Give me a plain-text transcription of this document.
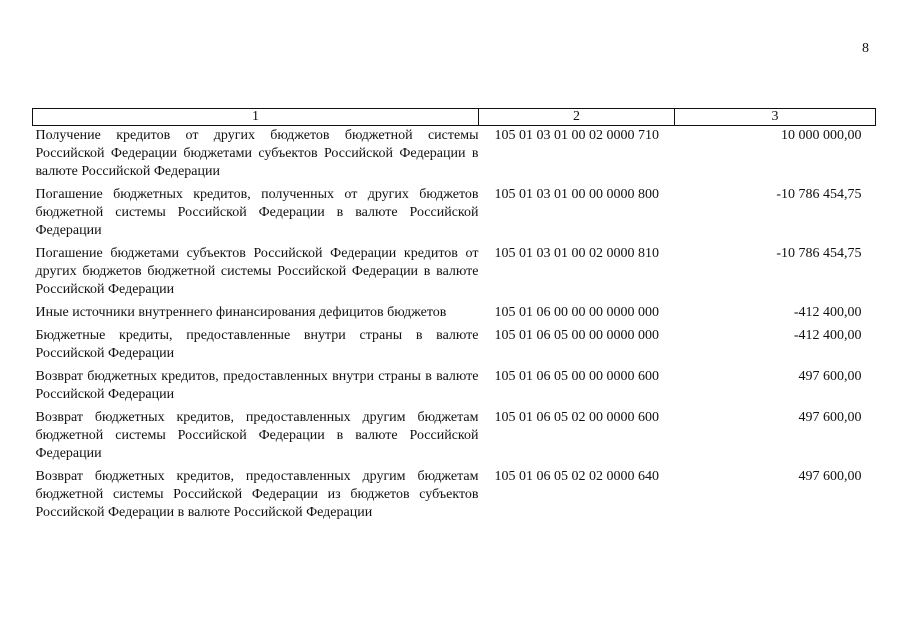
8
1	2	3
Получение кредитов от других бюджетов бюджетной системы Российской Федерации бюджетами субъектов Российской Федерации в валюте Российской Федерации	105 01 03 01 00 02 0000 710	10 000 000,00
Погашение бюджетных кредитов, полученных от других бюджетов бюджетной системы Российской Федерации в валюте Российской Федерации	105 01 03 01 00 00 0000 800	-10 786 454,75
Погашение бюджетами субъектов Российской Федерации кредитов от других бюджетов бюджетной системы Российской Федерации в валюте Российской Федерации	105 01 03 01 00 02 0000 810	-10 786 454,75
Иные источники внутреннего финансирования дефицитов бюджетов	105 01 06 00 00 00 0000 000	-412 400,00
Бюджетные кредиты, предоставленные внутри страны в валюте Российской Федерации	105 01 06 05 00 00 0000 000	-412 400,00
Возврат бюджетных кредитов, предоставленных внутри страны в валюте Российской Федерации	105 01 06 05 00 00 0000 600	497 600,00
Возврат бюджетных кредитов, предоставленных другим бюджетам бюджетной системы Российской Федерации в валюте Российской Федерации	105 01 06 05 02 00 0000 600	497 600,00
Возврат бюджетных кредитов, предоставленных другим бюджетам бюджетной системы Российской Федерации из бюджетов субъектов Российской Федерации в валюте Российской Федерации	105 01 06 05 02 02 0000 640	497 600,00
